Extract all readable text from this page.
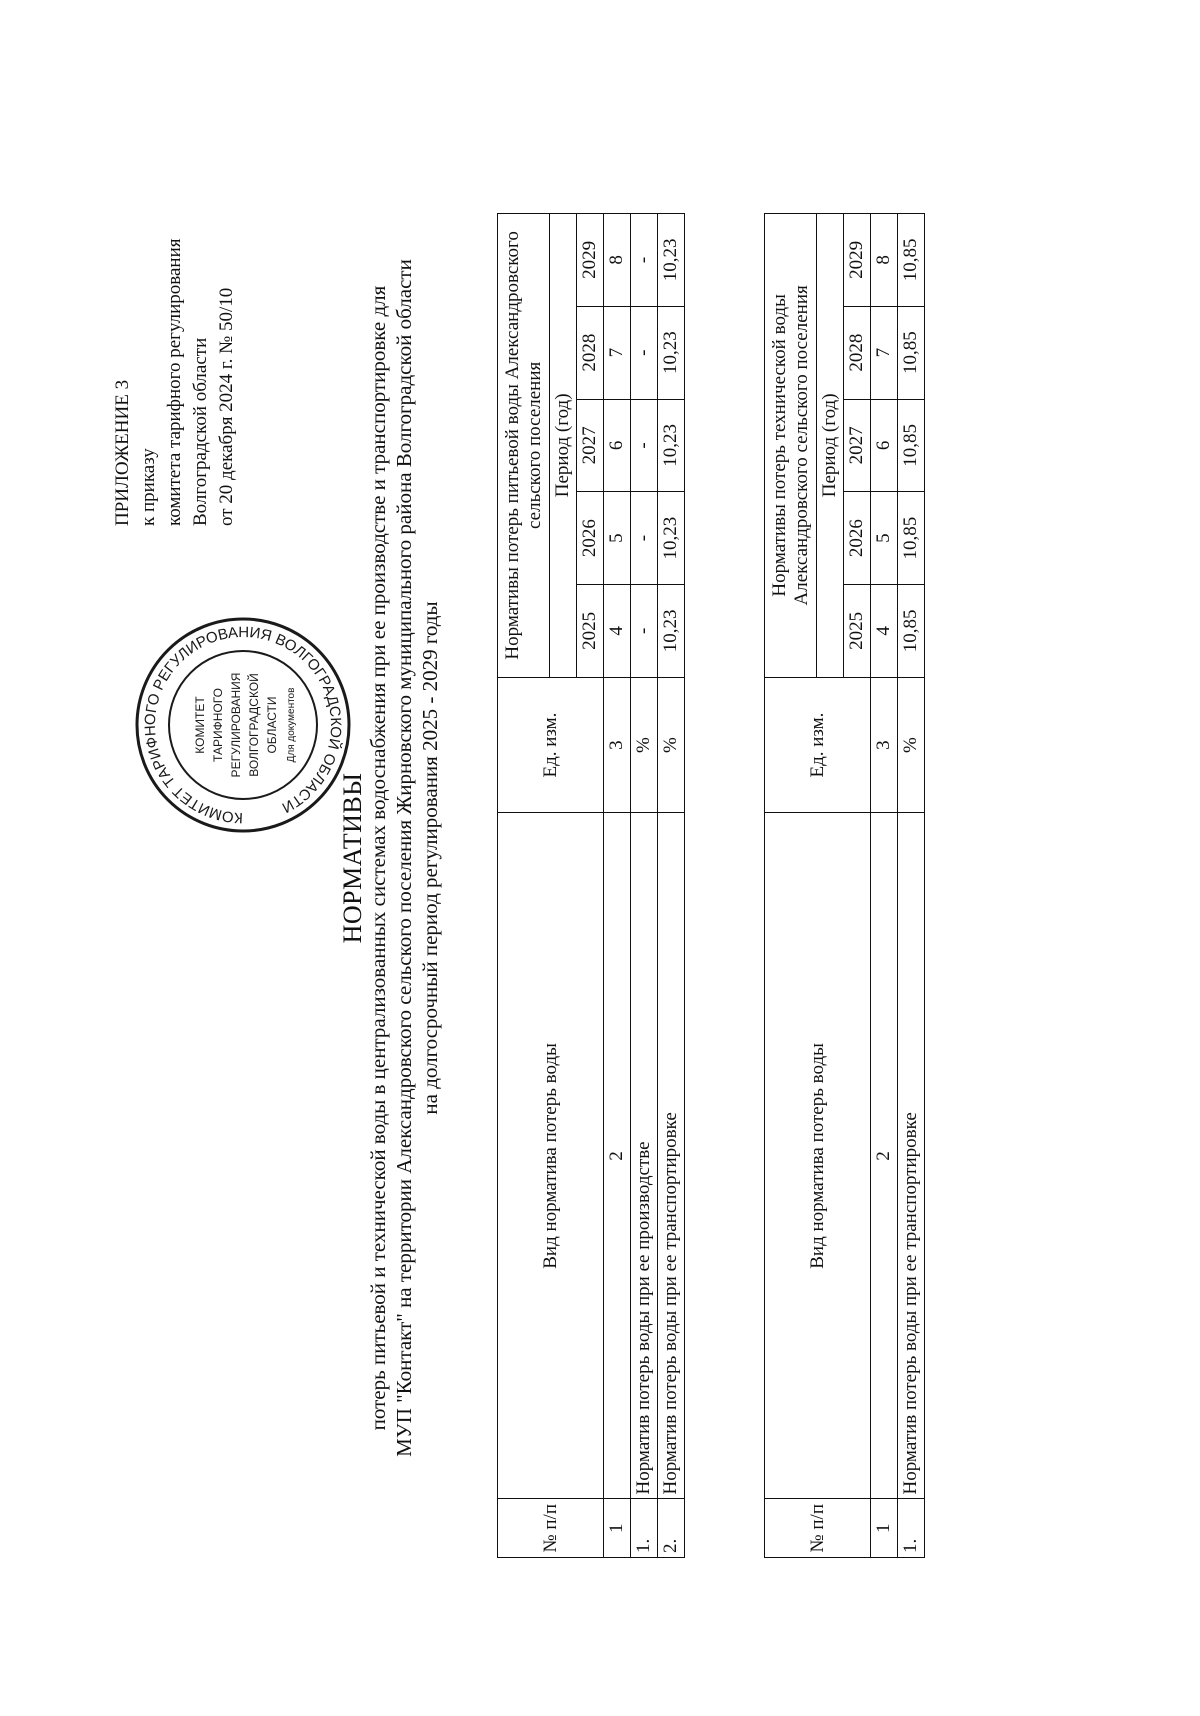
ПРИЛОЖЕНИЕ 3 к приказу комитета тарифного регулирования Волгоградской области от 20 декабря 2024 г. № 50/10
КОМИТЕТ ТАРИФНОГО РЕГУЛИРОВАНИЯ ВОЛГОГРАДСКОЙ ОБЛАСТИ
КОМИТЕТ ТАРИФНОГО РЕГУЛИРОВАНИЯ ВОЛГОГРАДСКОЙ ОБЛАСТИ Для документов
НОРМАТИВЫ потерь питьевой и технической воды в централизованных системах водоснабжения при ее производстве и транспортировке для МУП "Контакт" на территории Александровского сельского поселения Жирновского муниципального района Волгоградской области на долгосрочный период регулирования 2025 - 2029 годы
№ п/п	Вид норматива потерь воды	Ед. изм.	Нормативы потерь питьевой воды Александровского сельского поселения				
			Период (год)				
			2025	2026	2027	2028	2029
1	2	3	4	5	6	7	8
1.	Норматив потерь воды при ее производстве	%	-	-	-	-	-
2.	Норматив потерь воды при ее транспортировке	%	10,23	10,23	10,23	10,23	10,23
№ п/п	Вид норматива потерь воды	Ед. изм.	Нормативы потерь технической воды Александровского сельского поселения				
			Период (год)				
			2025	2026	2027	2028	2029
1	2	3	4	5	6	7	8
1.	Норматив потерь воды при ее транспортировке	%	10,85	10,85	10,85	10,85	10,85
